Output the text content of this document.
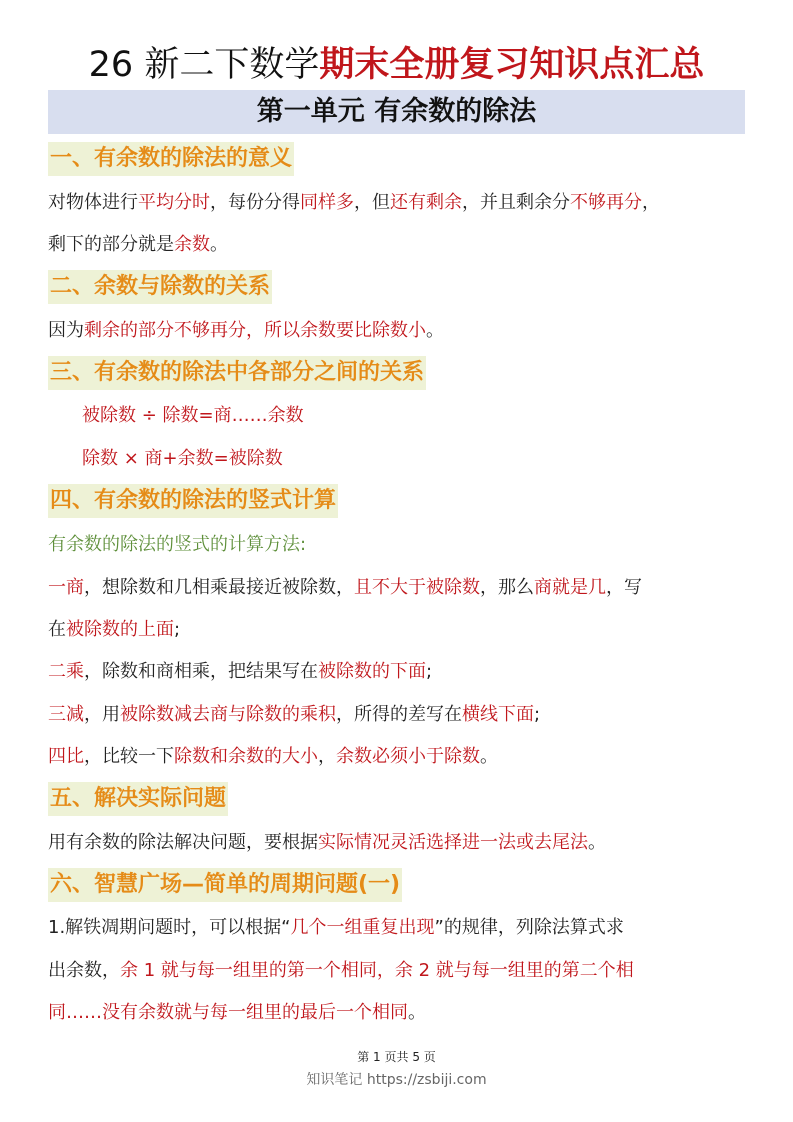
26 新二下数学期末全册复习知识点汇总
第一单元 有余数的除法
一、有余数的除法的意义
对物体进行平均分时，每份分得同样多，但还有剩余，并且剩余分不够再分，
剩下的部分就是余数。
二、余数与除数的关系
因为剩余的部分不够再分，所以余数要比除数小。
三、有余数的除法中各部分之间的关系
被除数 ÷ 除数=商……余数
除数 × 商+余数=被除数
四、有余数的除法的竖式计算
有余数的除法的竖式的计算方法:
一商，想除数和几相乘最接近被除数，且不大于被除数，那么商就是几，写
在被除数的上面;
二乘，除数和商相乘，把结果写在被除数的下面;
三减，用被除数减去商与除数的乘积，所得的差写在横线下面;
四比，比较一下除数和余数的大小，余数必须小于除数。
五、解决实际问题
用有余数的除法解决问题，要根据实际情况灵活选择进一法或去尾法。
六、智慧广场—简单的周期问题(一)
1.解铁凋期问题时，可以根据“几个一组重复出现”的规律，列除法算式求
出余数，余 1 就与每一组里的第一个相同，余 2 就与每一组里的第二个相
同……没有余数就与每一组里的最后一个相同。
第 1 页共 5 页
知识笔记 https://zsbiji.com
